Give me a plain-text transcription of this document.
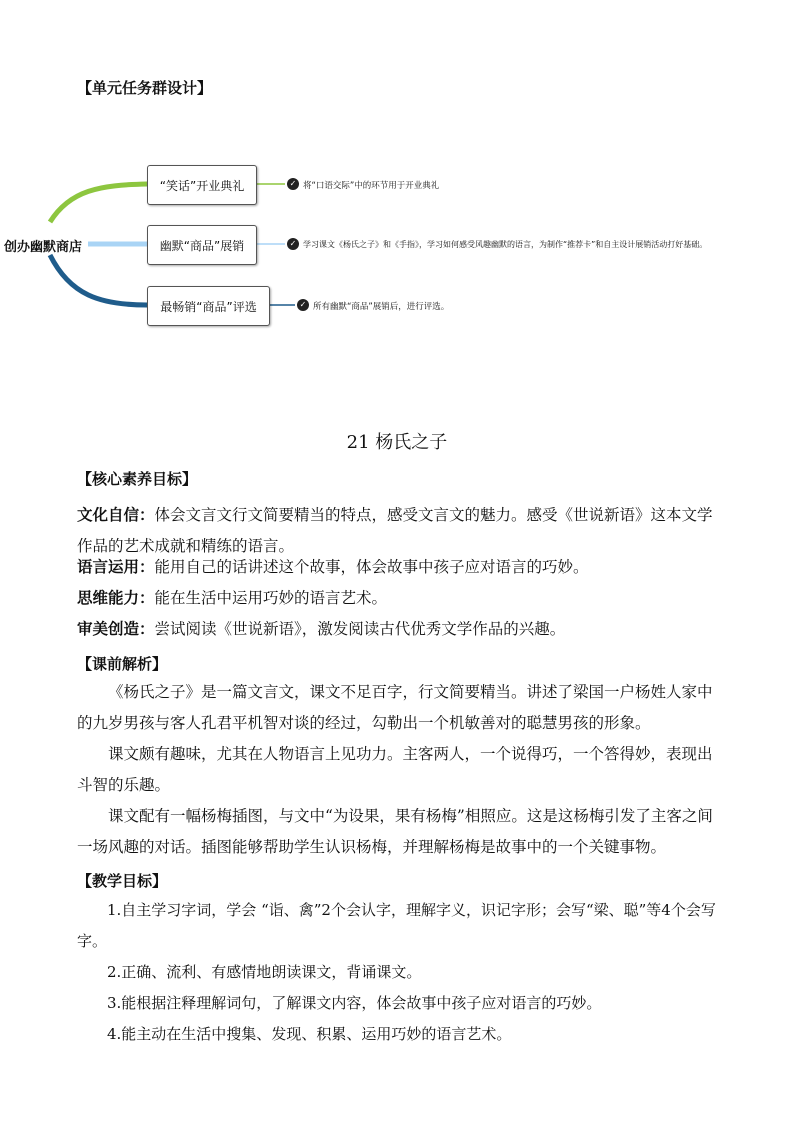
【单元任务群设计】
创办幽默商店
“笑话”开业典礼
幽默“商品”展销
最畅销“商品”评选
✓ 将“口语交际”中的环节用于开业典礼
✓ 学习课文《杨氏之子》和《手指》，学习如何感受风趣幽默的语言，为制作“推荐卡”和自主设计展销活动打好基础。
✓ 所有幽默“商品”展销后，进行评选。
21 杨氏之子
【核心素养目标】
文化自信：体会文言文行文简要精当的特点，感受文言文的魅力。感受《世说新语》这本文学作品的艺术成就和精练的语言。
语言运用：能用自己的话讲述这个故事，体会故事中孩子应对语言的巧妙。
思维能力：能在生活中运用巧妙的语言艺术。
审美创造：尝试阅读《世说新语》，激发阅读古代优秀文学作品的兴趣。
【课前解析】
《杨氏之子》是一篇文言文，课文不足百字，行文简要精当。讲述了梁国一户杨姓人家中的九岁男孩与客人孔君平机智对谈的经过，勾勒出一个机敏善对的聪慧男孩的形象。
课文颇有趣味，尤其在人物语言上见功力。主客两人，一个说得巧，一个答得妙，表现出斗智的乐趣。
课文配有一幅杨梅插图，与文中“为设果，果有杨梅”相照应。这是这杨梅引发了主客之间一场风趣的对话。插图能够帮助学生认识杨梅，并理解杨梅是故事中的一个关键事物。
【教学目标】
1.自主学习字词，学会 “诣、禽”2个会认字，理解字义，识记字形；会写“梁、聪”等4个会写字。
2.正确、流利、有感情地朗读课文，背诵课文。
3.能根据注释理解词句，了解课文内容，体会故事中孩子应对语言的巧妙。
4.能主动在生活中搜集、发现、积累、运用巧妙的语言艺术。
